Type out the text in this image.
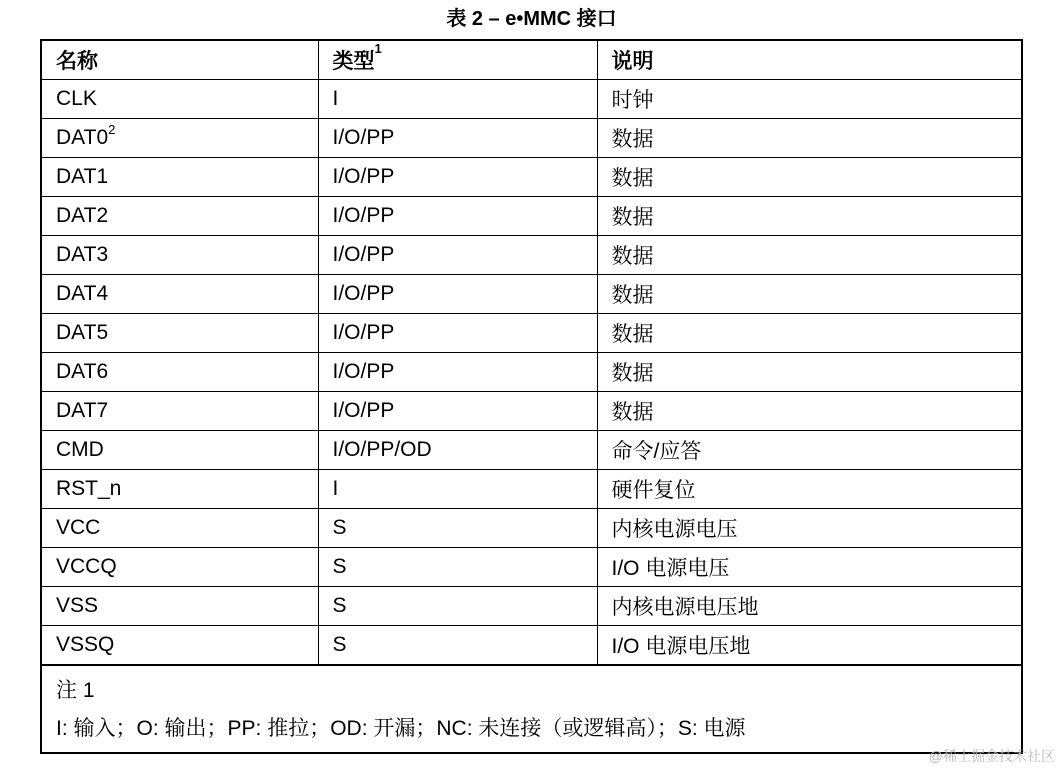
表 2 – e•MMC 接口
名称	类型$^1$	说明
CLK	I	时钟
$DAT0^2$	I/O/PP	数据
DAT1	I/O/PP	数据
DAT2	I/O/PP	数据
DAT3	I/O/PP	数据
DAT4	I/O/PP	数据
DAT5	I/O/PP	数据
DAT6	I/O/PP	数据
DAT7	I/O/PP	数据
CMD	I/O/PP/OD	命令/应答
RST_n	I	硬件复位
VCC	S	内核电源电压
VCCQ	S	I/O 电源电压
VSS	S	内核电源电压地
VSSQ	S	I/O 电源电压地
注 1
I: 输入；O: 输出；PP: 推拉；OD: 开漏；NC: 未连接（或逻辑高）；S: 电源
@稀土掘金技术社区
